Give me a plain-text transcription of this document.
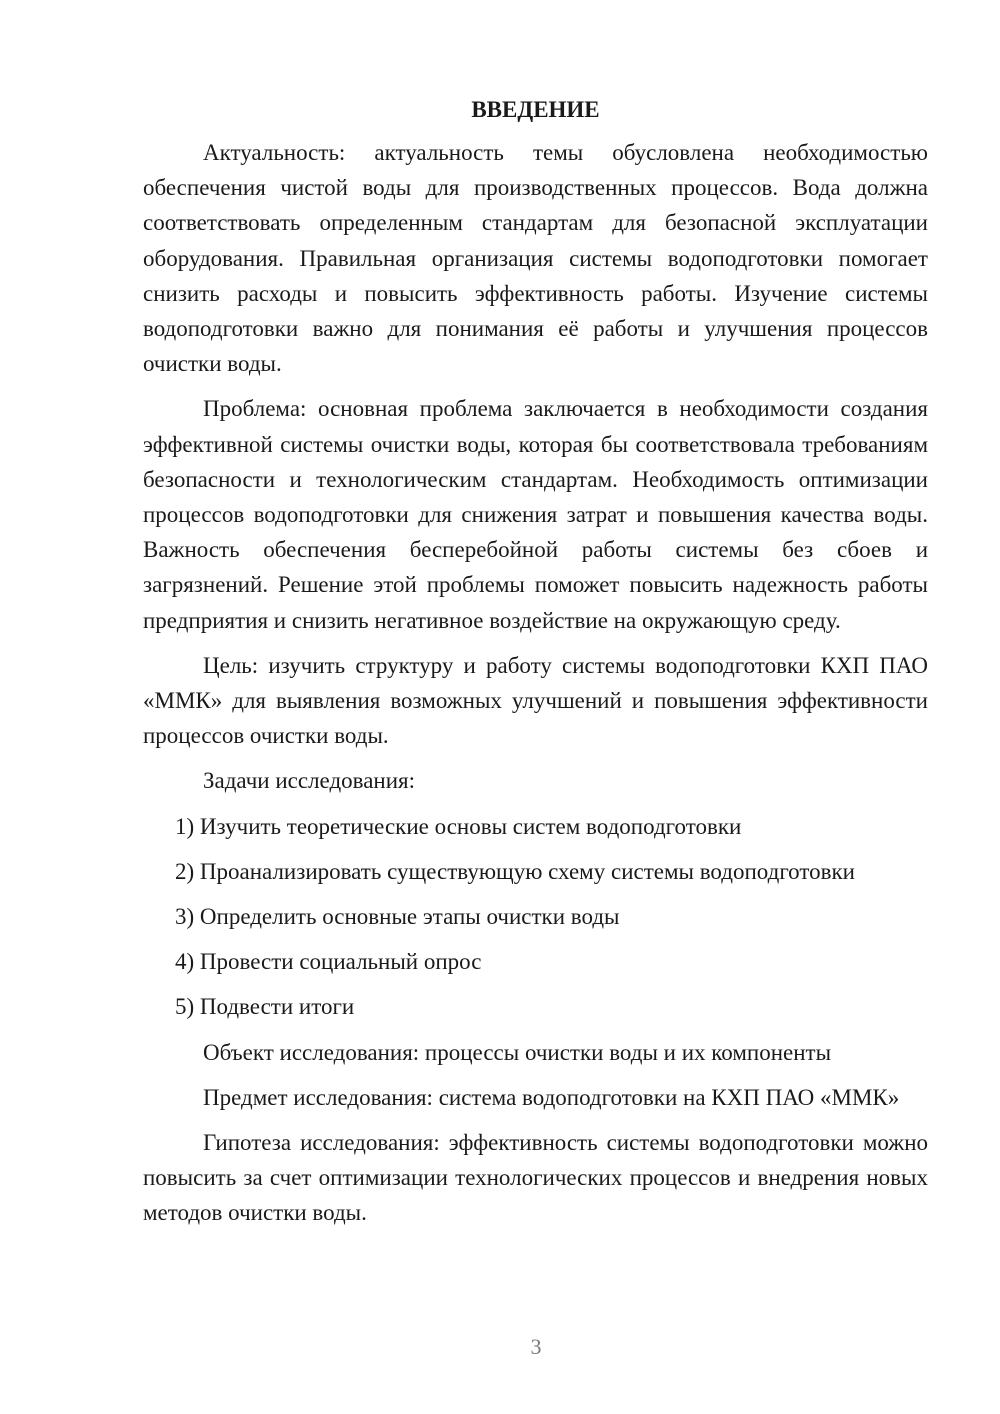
ВВЕДЕНИЕ

Актуальность: актуальность темы обусловлена необходимостью обеспечения чистой воды для производственных процессов. Вода должна соответствовать определенным стандартам для безопасной эксплуатации оборудования. Правильная организация системы водоподготовки помогает снизить расходы и повысить эффективность работы. Изучение системы водоподготовки важно для понимания её работы и улучшения процессов очистки воды.

Проблема: основная проблема заключается в необходимости создания эффективной системы очистки воды, которая бы соответствовала требованиям безопасности и технологическим стандартам. Необходимость оптимизации процессов водоподготовки для снижения затрат и повышения качества воды. Важность обеспечения бесперебойной работы системы без сбоев и загрязнений. Решение этой проблемы поможет повысить надежность работы предприятия и снизить негативное воздействие на окружающую среду.

Цель: изучить структуру и работу системы водоподготовки КХП ПАО «ММК» для выявления возможных улучшений и повышения эффективности процессов очистки воды.

Задачи исследования:

1) Изучить теоретические основы систем водоподготовки
2) Проанализировать существующую схему системы водоподготовки
3) Определить основные этапы очистки воды
4) Провести социальный опрос
5) Подвести итоги

Объект исследования: процессы очистки воды и их компоненты

Предмет исследования: система водоподготовки на КХП ПАО «ММК»

Гипотеза исследования: эффективность системы водоподготовки можно повысить за счет оптимизации технологических процессов и внедрения новых методов очистки воды.

3
